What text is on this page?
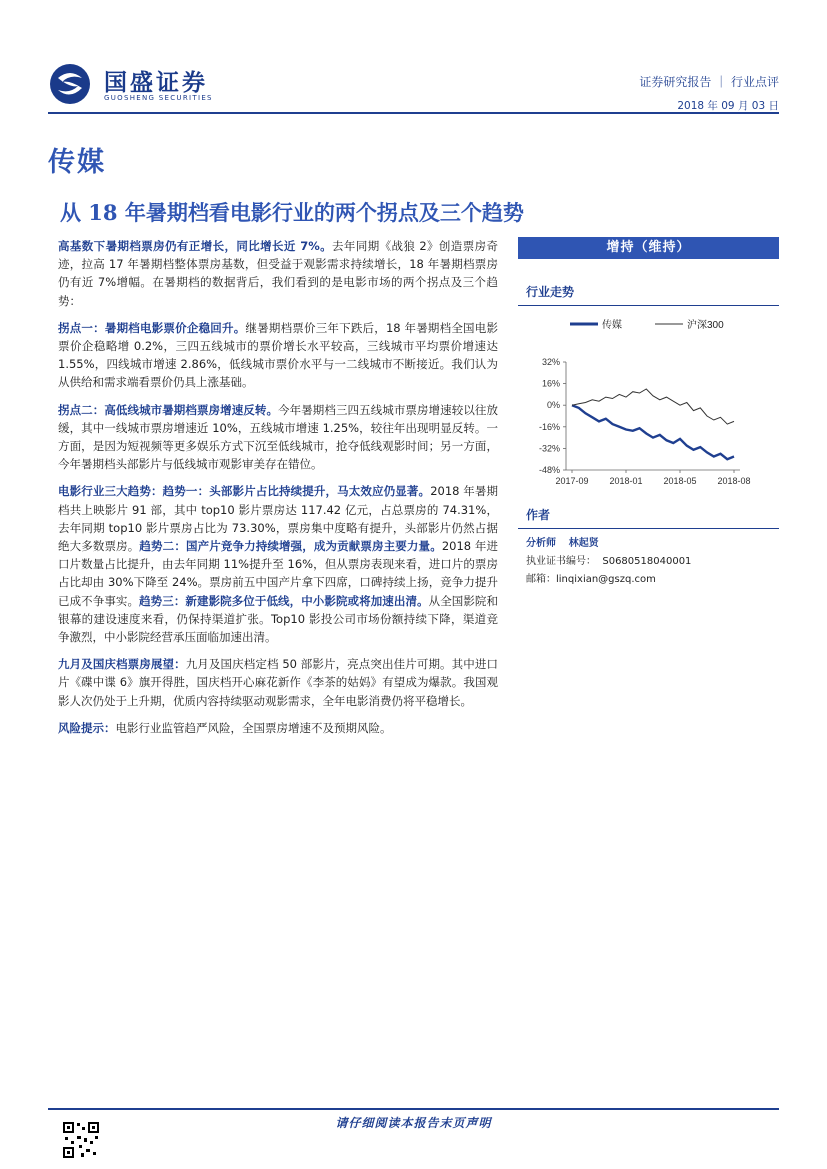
国盛证券
GUOSHENG SECURITIES
证券研究报告 ｜ 行业点评
2018 年 09 月 03 日
传媒
从 18 年暑期档看电影行业的两个拐点及三个趋势

高基数下暑期档票房仍有正增长，同比增长近 7%。去年同期《战狼 2》创造票房奇迹，拉高 17 年暑期档整体票房基数，但受益于观影需求持续增长，18 年暑期档票房仍有近 7%增幅。在暑期档的数据背后，我们看到的是电影市场的两个拐点及三个趋势：

拐点一：暑期档电影票价企稳回升。继暑期档票价三年下跌后，18 年暑期档全国电影票价企稳略增 0.2%，三四五线城市的票价增长水平较高，三线城市平均票价增速达 1.55%，四线城市增速 2.86%，低线城市票价水平与一二线城市不断接近。我们认为从供给和需求端看票价仍具上涨基础。

拐点二：高低线城市暑期档票房增速反转。今年暑期档三四五线城市票房增速较以往放缓，其中一线城市票房增速近 10%，五线城市增速 1.25%，较往年出现明显反转。一方面，是因为短视频等更多娱乐方式下沉至低线城市，抢夺低线观影时间；另一方面，今年暑期档头部影片与低线城市观影审美存在错位。

电影行业三大趋势：趋势一：头部影片占比持续提升，马太效应仍显著。2018 年暑期档共上映影片 91 部，其中 top10 影片票房达 117.42 亿元，占总票房的 74.31%，去年同期 top10 影片票房占比为 73.30%，票房集中度略有提升，头部影片仍然占据绝大多数票房。趋势二：国产片竞争力持续增强，成为贡献票房主要力量。2018 年进口片数量占比提升，由去年同期 11%提升至 16%，但从票房表现来看，进口片的票房占比却由 30%下降至 24%。票房前五中国产片拿下四席，口碑持续上扬，竞争力提升已成不争事实。趋势三：新建影院多位于低线，中小影院或将加速出清。从全国影院和银幕的建设速度来看，仍保持渠道扩张。Top10 影投公司市场份额持续下降，渠道竞争激烈，中小影院经营承压面临加速出清。

九月及国庆档票房展望：九月及国庆档定档 50 部影片，亮点突出佳片可期。其中进口片《碟中谍 6》旗开得胜，国庆档开心麻花新作《李茶的姑妈》有望成为爆款。我国观影人次仍处于上升期，优质内容持续驱动观影需求，全年电影消费仍将平稳增长。

风险提示：电影行业监管趋严风险，全国票房增速不及预期风险。

增持（维持）
行业走势
传媒	沪深300
32%
16%
0%
-16%
-32%
-48%
2017-09 2018-01 2018-05 2018-08
作者
分析师 林起贤
执业证书编号： S0680518040001
邮箱：linqixian@gszq.com
请仔细阅读本报告末页声明
